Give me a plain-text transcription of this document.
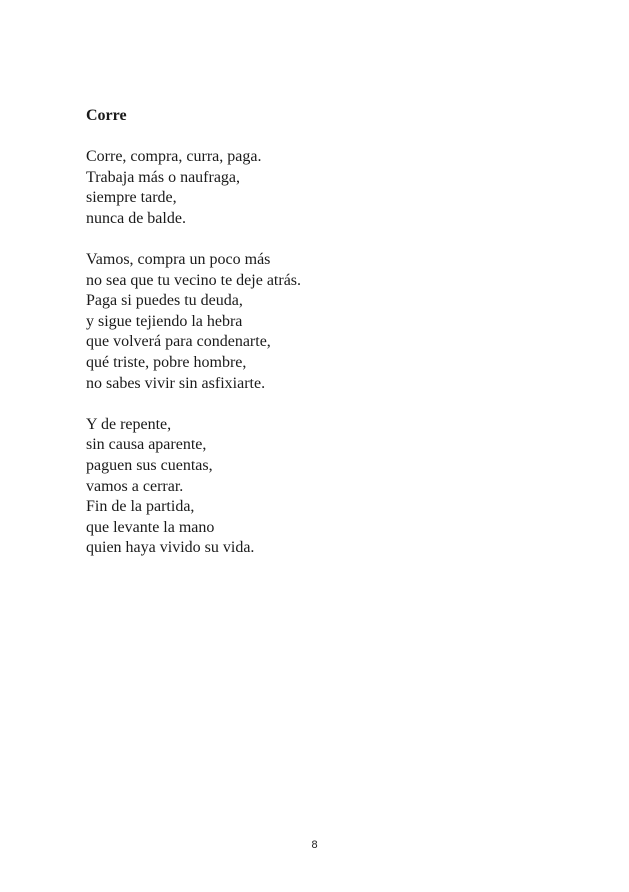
Corre
Corre, compra, curra, paga.
Trabaja más o naufraga,
siempre tarde,
nunca de balde.
Vamos, compra un poco más
no sea que tu vecino te deje atrás.
Paga si puedes tu deuda,
y sigue tejiendo la hebra
que volverá para condenarte,
qué triste, pobre hombre,
no sabes vivir sin asfixiarte.
Y de repente,
sin causa aparente,
paguen sus cuentas,
vamos a cerrar.
Fin de la partida,
que levante la mano
quien haya vivido su vida.
8
